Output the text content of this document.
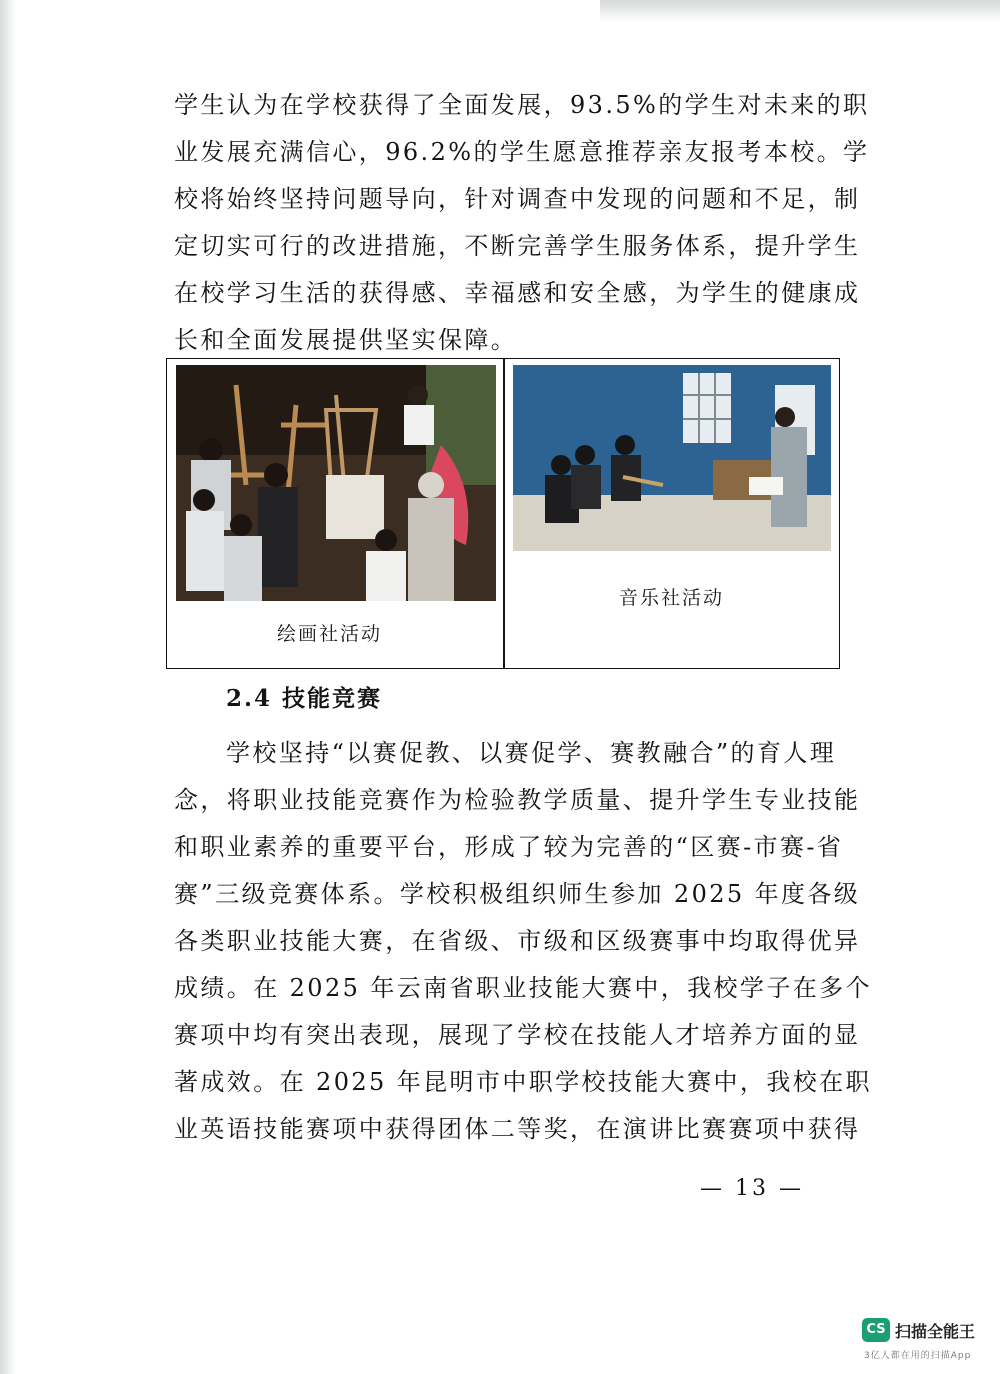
学生认为在学校获得了全面发展，93.5%的学生对未来的职
业发展充满信心，96.2%的学生愿意推荐亲友报考本校。学
校将始终坚持问题导向，针对调查中发现的问题和不足，制
定切实可行的改进措施，不断完善学生服务体系，提升学生
在校学习生活的获得感、幸福感和安全感，为学生的健康成
长和全面发展提供坚实保障。
绘画社活动
音乐社活动
2.4 技能竞赛
学校坚持“以赛促教、以赛促学、赛教融合”的育人理
念，将职业技能竞赛作为检验教学质量、提升学生专业技能
和职业素养的重要平台，形成了较为完善的“区赛-市赛-省
赛”三级竞赛体系。学校积极组织师生参加 2025 年度各级
各类职业技能大赛，在省级、市级和区级赛事中均取得优异
成绩。在 2025 年云南省职业技能大赛中，我校学子在多个
赛项中均有突出表现，展现了学校在技能人才培养方面的显
著成效。在 2025 年昆明市中职学校技能大赛中，我校在职
业英语技能赛项中获得团体二等奖，在演讲比赛赛项中获得
— 13 —
CS 扫描全能王
3亿人都在用的扫描App
